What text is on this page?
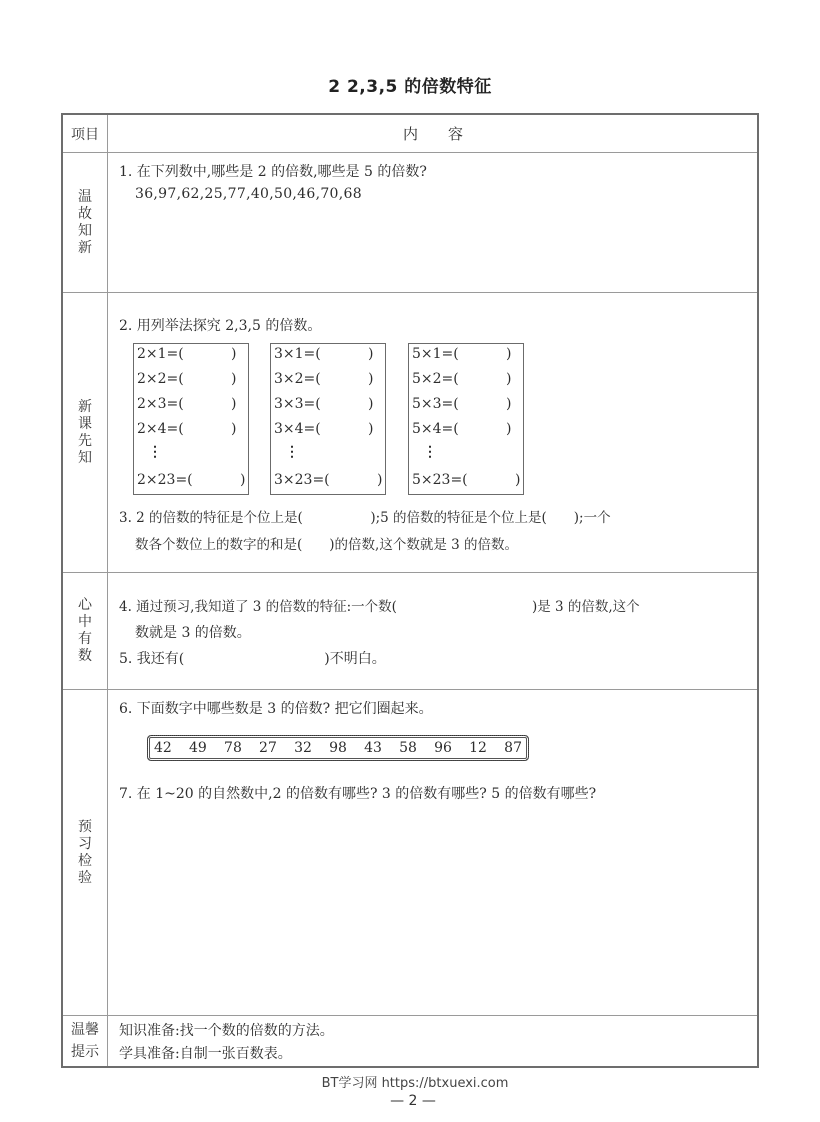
2 2,3,5 的倍数特征
项目	内　　容
温故知新
1. 在下列数中,哪些是 2 的倍数,哪些是 5 的倍数?
36,97,62,25,77,40,50,46,70,68
新课先知
2. 用列举法探究 2,3,5 的倍数。
2×1=(	)
2×2=(	)
2×3=(	)
2×4=(	)
⋮
2×23=(	)
3×1=(	)
3×2=(	)
3×3=(	)
3×4=(	)
⋮
3×23=(	)
5×1=(	)
5×2=(	)
5×3=(	)
5×4=(	)
⋮
5×23=(	)
3. 2 的倍数的特征是个位上是(　　　　　);5 的倍数的特征是个位上是(　　);一个
数各个数位上的数字的和是(　　)的倍数,这个数就是 3 的倍数。
心中有数
4. 通过预习,我知道了 3 的倍数的特征:一个数(　　　　　　　　　　)是 3 的倍数,这个
数就是 3 的倍数。
5. 我还有(　　　　　　　　　　)不明白。
预习检验
6. 下面数字中哪些数是 3 的倍数? 把它们圈起来。
42 49 78 27 32 98 43 58 96 12 87
7. 在 1~20 的自然数中,2 的倍数有哪些? 3 的倍数有哪些? 5 的倍数有哪些?
温馨提示
知识准备:找一个数的倍数的方法。
学具准备:自制一张百数表。
BT学习网 https://btxuexi.com
— 2 —
